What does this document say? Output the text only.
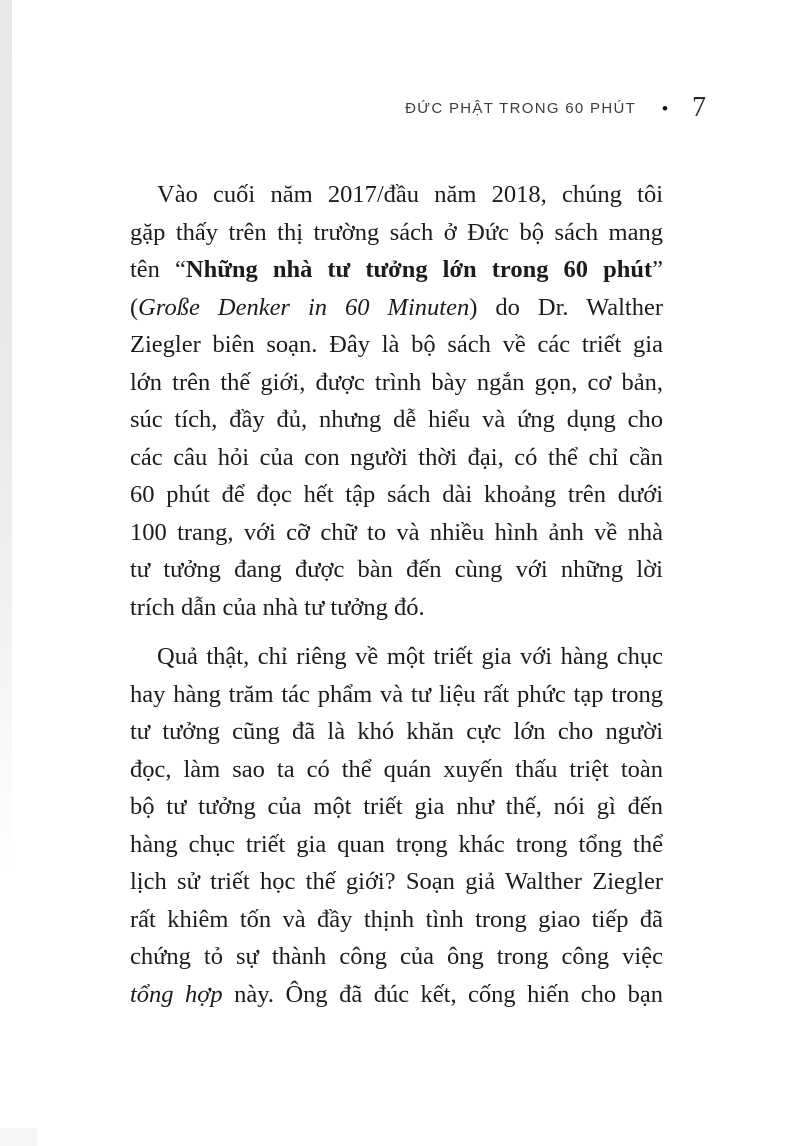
ĐỨC PHẬT TRONG 60 PHÚT • 7
Vào cuối năm 2017/đầu năm 2018, chúng tôi
gặp thấy trên thị trường sách ở Đức bộ sách mang
tên “Những nhà tư tưởng lớn trong 60 phút”
(Große Denker in 60 Minuten) do Dr. Walther
Ziegler biên soạn. Đây là bộ sách về các triết gia
lớn trên thế giới, được trình bày ngắn gọn, cơ bản,
súc tích, đầy đủ, nhưng dễ hiểu và ứng dụng cho
các câu hỏi của con người thời đại, có thể chỉ cần
60 phút để đọc hết tập sách dài khoảng trên dưới
100 trang, với cỡ chữ to và nhiều hình ảnh về nhà
tư tưởng đang được bàn đến cùng với những lời
trích dẫn của nhà tư tưởng đó.
Quả thật, chỉ riêng về một triết gia với hàng chục
hay hàng trăm tác phẩm và tư liệu rất phức tạp trong
tư tưởng cũng đã là khó khăn cực lớn cho người
đọc, làm sao ta có thể quán xuyến thấu triệt toàn
bộ tư tưởng của một triết gia như thế, nói gì đến
hàng chục triết gia quan trọng khác trong tổng thể
lịch sử triết học thế giới? Soạn giả Walther Ziegler
rất khiêm tốn và đầy thịnh tình trong giao tiếp đã
chứng tỏ sự thành công của ông trong công việc
tổng hợp này. Ông đã đúc kết, cống hiến cho bạn
